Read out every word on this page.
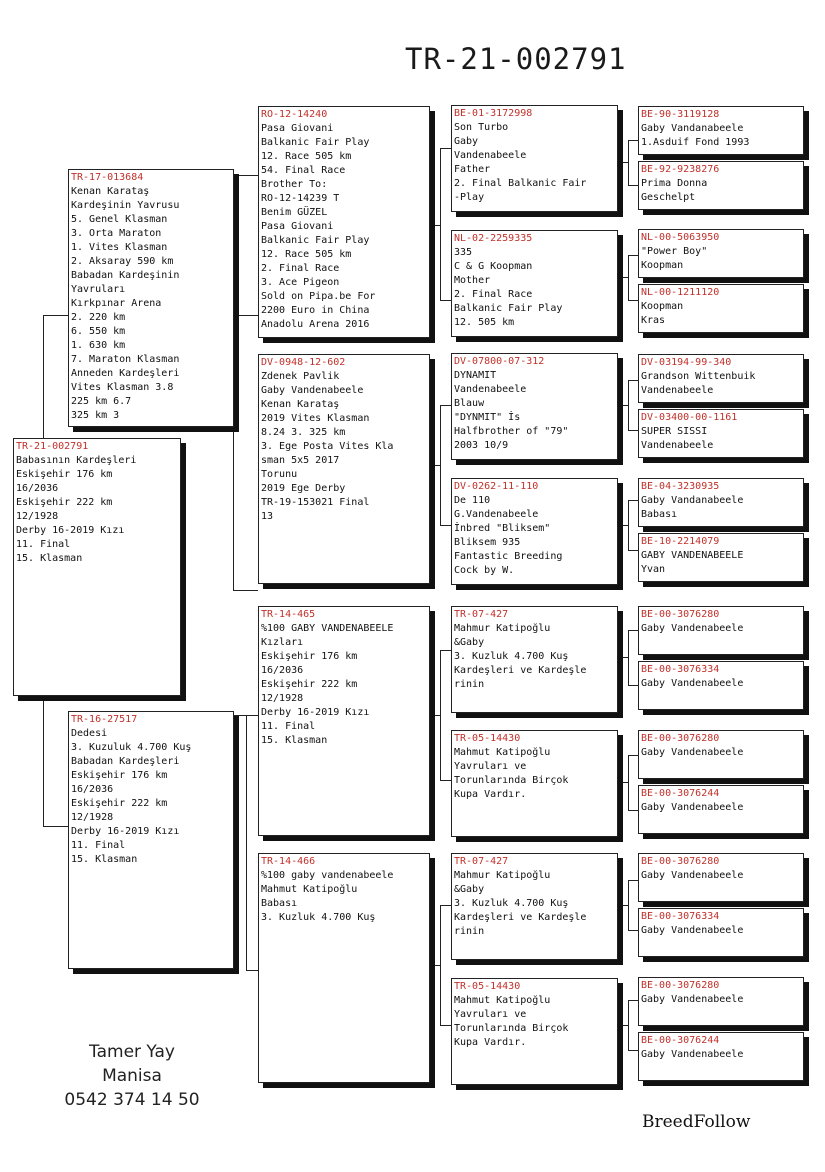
TR-21-002791
Tamer Yay
Manisa
0542 374 14 50
BreedFollow
TR-21-002791
Babasının Kardeşleri
Eskişehir 176 km
16/2036
Eskişehir 222 km
12/1928
Derby 16-2019 Kızı
11. Final
15. Klasman
TR-17-013684
Kenan Karataş
Kardeşinin Yavrusu
5. Genel Klasman
3. Orta Maraton
1. Vites Klasman
2. Aksaray 590 km
Babadan Kardeşinin
Yavruları
Kırkpınar Arena
2. 220 km
6. 550 km
1. 630 km
7. Maraton Klasman
Anneden Kardeşleri
Vites Klasman 3.8
225 km 6.7
325 km 3
TR-16-27517
Dedesi
3. Kuzuluk 4.700 Kuş
Babadan Kardeşleri
Eskişehir 176 km
16/2036
Eskişehir 222 km
12/1928
Derby 16-2019 Kızı
11. Final
15. Klasman
RO-12-14240
Pasa Giovani
Balkanic Fair Play
12. Race 505 km
54. Final Race
Brother To:
RO-12-14239 T
Benim GÜZEL
Pasa Giovani
Balkanic Fair Play
12. Race 505 km
2. Final Race
3. Ace Pigeon
Sold on Pipa.be For
2200 Euro in China
Anadolu Arena 2016
DV-0948-12-602
Zdenek Pavlik
Gaby Vandenabeele
Kenan Karataş
2019 Vites Klasman
8.24 3. 325 km
3. Ege Posta Vites Kla
sman 5x5 2017
Torunu
2019 Ege Derby
TR-19-153021 Final
13
TR-14-465
%100 GABY VANDENABEELE
Kızları
Eskişehir 176 km
16/2036
Eskişehir 222 km
12/1928
Derby 16-2019 Kızı
11. Final
15. Klasman
TR-14-466
%100 gaby vandenabeele
Mahmut Katipoğlu
Babası
3. Kuzluk 4.700 Kuş
BE-01-3172998
Son Turbo
Gaby
Vandenabeele
Father
2. Final Balkanic Fair
-Play
NL-02-2259335
335
C & G Koopman
Mother
2. Final Race
Balkanic Fair Play
12. 505 km
DV-07800-07-312
DYNAMIT
Vandenabeele
Blauw
"DYNMIT" İs
Halfbrother of "79"
2003 10/9
DV-0262-11-110
De 110
G.Vandenabeele
İnbred "Bliksem"
Bliksem 935
Fantastic Breeding
Cock by W.
TR-07-427
Mahmur Katipoğlu
&Gaby
3. Kuzluk 4.700 Kuş
Kardeşleri ve Kardeşle
rinin
TR-05-14430
Mahmut Katipoğlu
Yavruları ve
Torunlarında Birçok
Kupa Vardır.
TR-07-427
Mahmur Katipoğlu
&Gaby
3. Kuzluk 4.700 Kuş
Kardeşleri ve Kardeşle
rinin
TR-05-14430
Mahmut Katipoğlu
Yavruları ve
Torunlarında Birçok
Kupa Vardır.
BE-90-3119128
Gaby Vandanabeele
1.Asduif Fond 1993
BE-92-9238276
Prima Donna
Geschelpt
NL-00-5063950
"Power Boy"
Koopman
NL-00-1211120
Koopman
Kras
DV-03194-99-340
Grandson Wittenbuik
Vandenabeele
DV-03400-00-1161
SUPER SISSI
Vandenabeele
BE-04-3230935
Gaby Vandanabeele
Babası
BE-10-2214079
GABY VANDENABEELE
Yvan
BE-00-3076280
Gaby Vandenabeele
BE-00-3076334
Gaby Vandenabeele
BE-00-3076280
Gaby Vandenabeele
BE-00-3076244
Gaby Vandenabeele
BE-00-3076280
Gaby Vandenabeele
BE-00-3076334
Gaby Vandenabeele
BE-00-3076280
Gaby Vandenabeele
BE-00-3076244
Gaby Vandenabeele
